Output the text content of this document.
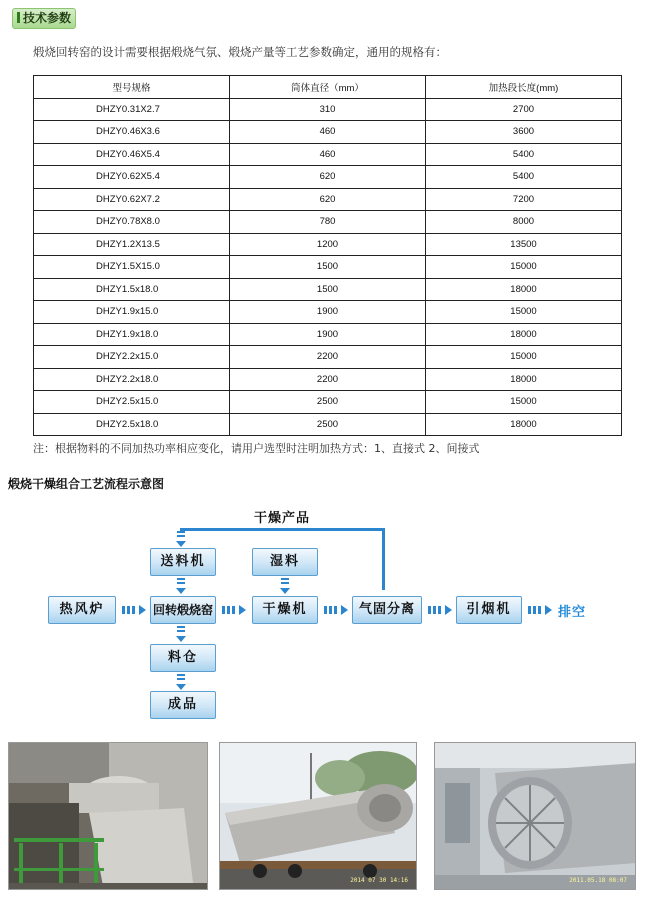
技术参数
煅烧回转窑的设计需要根据煅烧气氛、煅烧产量等工艺参数确定，通用的规格有：
型号规格	筒体直径（mm）	加热段长度(mm)
DHZY0.31X2.7	310	2700
DHZY0.46X3.6	460	3600
DHZY0.46X5.4	460	5400
DHZY0.62X5.4	620	5400
DHZY0.62X7.2	620	7200
DHZY0.78X8.0	780	8000
DHZY1.2X13.5	1200	13500
DHZY1.5X15.0	1500	15000
DHZY1.5x18.0	1500	18000
DHZY1.9x15.0	1900	15000
DHZY1.9x18.0	1900	18000
DHZY2.2x15.0	2200	15000
DHZY2.2x18.0	2200	18000
DHZY2.5x15.0	2500	15000
DHZY2.5x18.0	2500	18000
注：根据物料的不同加热功率相应变化，请用户选型时注明加热方式：1、直接式 2、间接式
煅烧干燥组合工艺流程示意图
干燥产品
送料机	湿料
热风炉	回转煅烧窑	干燥机	气固分离	引烟机	排空
料仓
成品
2014 07 30 14:16	2011.05.18 08:07
